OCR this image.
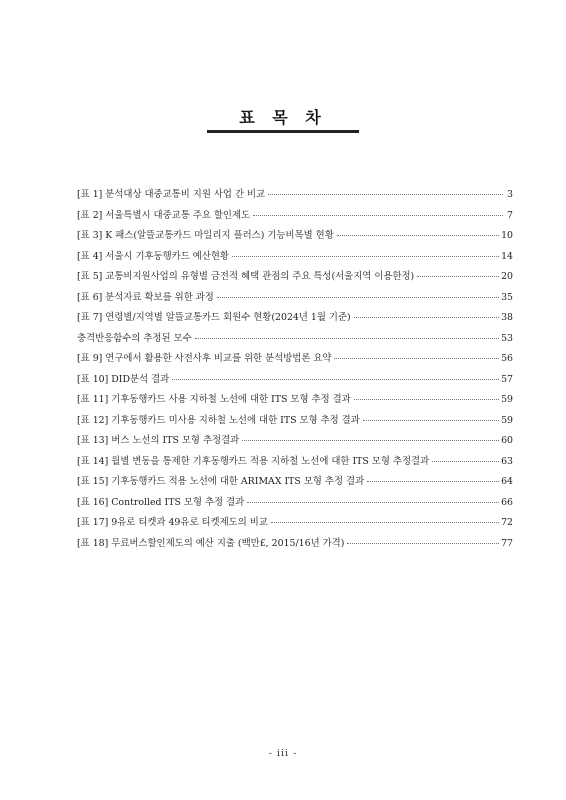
표 목 차
[표 1] 분석대상 대중교통비 지원 사업 간 비교	3
[표 2] 서울특별시 대중교통 주요 할인제도	7
[표 3] K 패스(알뜰교통카드 마일리지 플러스) 기능비목별 현황	10
[표 4] 서울시 기후동행카드 예산현황	14
[표 5] 교통비지원사업의 유형별 금전적 혜택 관점의 주요 특성(서울지역 이용한정)	20
[표 6] 분석자료 확보를 위한 과정	35
[표 7] 연령별/지역별 알뜰교통카드 회원수 현황(2024년 1월 기준)	38
충격반응함수의 추정된 모수	53
[표 9] 연구에서 활용한 사전사후 비교를 위한 분석방법론 요약	56
[표 10] DID분석 결과	57
[표 11] 기후동행카드 사용 지하철 노선에 대한 ITS 모형 추정 결과	59
[표 12] 기후동행카드 미사용 지하철 노선에 대한 ITS 모형 추정 결과	59
[표 13] 버스 노선의 ITS 모형 추정결과	60
[표 14] 월별 변동을 통제한 기후동행카드 적용 지하철 노선에 대한 ITS 모형 추정결과	63
[표 15] 기후동행카드 적용 노선에 대한 ARIMAX ITS 모형 추정 결과	64
[표 16] Controlled ITS 모형 추정 결과	66
[표 17] 9유로 티켓과 49유로 티켓제도의 비교	72
[표 18] 무료버스할인제도의 예산 지출 (백만£, 2015/16년 가격)	77
- iii -
